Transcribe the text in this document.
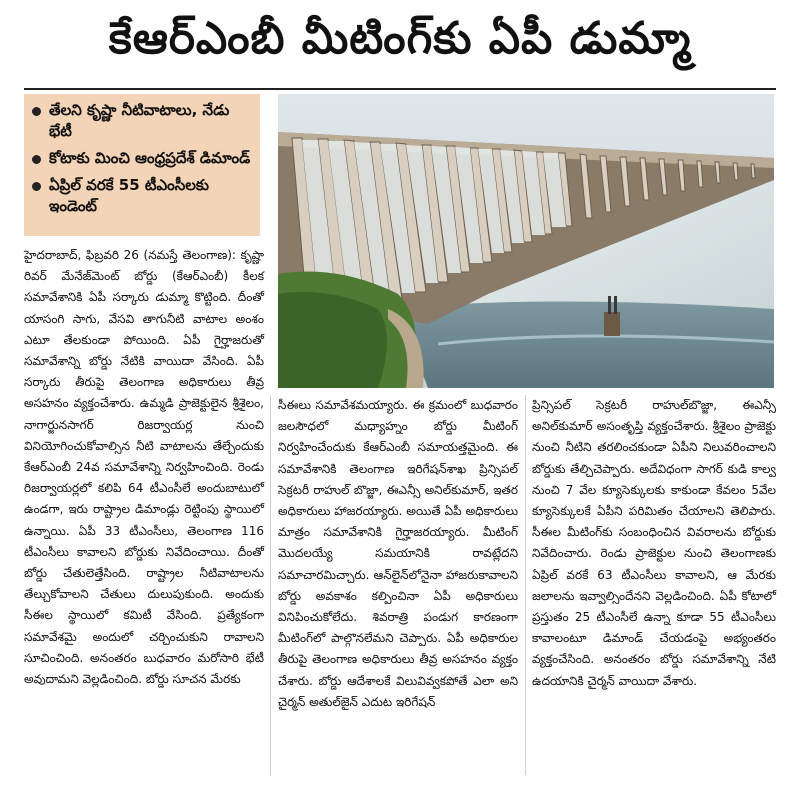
కేఆర్‌ఎంబీ మీటింగ్‌కు ఏపీ డుమ్మా
తేలని కృష్ణా నీటివాటాలు, నేడు భేటీ
కోటాకు మించి ఆంధ్రప్రదేశ్ డిమాండ్
ఏప్రిల్ వరకే 55 టీఎంసీలకు ఇండెంట్
హైదరాబాద్, ఫిబ్రవరి 26 (నమస్తే తెలంగాణ): కృష్ణా రివర్ మేనేజ్‌మెంట్ బోర్డు (కేఆర్‌ఎంబీ) కీలక సమావేశానికి ఏపీ సర్కారు డుమ్మా కొట్టింది. దీంతో యాసంగి సాగు, వేసవి తాగునీటి వాటాల అంశం ఎటూ తేలకుండా పోయింది. ఏపీ గైర్హాజరుతో సమావేశాన్ని బోర్డు నేటికి వాయిదా వేసింది. ఏపీ సర్కారు తీరుపై తెలంగాణ అధికారులు తీవ్ర అసహనం వ్యక్తంచేశారు. ఉమ్మడి ప్రాజెక్టులైన శ్రీశైలం, నాగార్జునసాగర్ రిజర్వాయర్ల నుంచి వినియోగించుకోవాల్సిన నీటి వాటాలను తేల్చేందుకు కేఆర్‌ఎంబీ 24వ సమావేశాన్ని నిర్వహించింది. రెండు రిజర్వాయర్లలో కలిపి 64 టీఎంసీలే అందుబాటులో ఉండగా, ఇరు రాష్ట్రాల డిమాండ్లు రెట్టింపు స్థాయిలో ఉన్నాయి. ఏపీ 33 టీఎంసీలు, తెలంగాణ 116 టీఎంసీలు కావాలని బోర్డుకు నివేదించాయి. దీంతో బోర్డు చేతులెత్తేసింది. రాష్ట్రాల నీటివాటాలను తేల్చుకోవాలని చేతులు దులుపుకుంది. అందుకు సీఈల స్థాయిలో కమిటీ వేసింది. ప్రత్యేకంగా సమావేశమై అందులో చర్చించుకుని రావాలని సూచించింది. అనంతరం బుధవారం మరోసారి భేటీ అవుదామని వెల్లడించింది. బోర్డు సూచన మేరకు
సీఈలు సమావేశమయ్యారు. ఈ క్రమంలో బుధవారం జలసౌధలో మధ్యాహ్నం బోర్డు మీటింగ్ నిర్వహించేందుకు కేఆర్‌ఎంబీ సమాయత్తమైంది. ఈ సమావేశానికి తెలంగాణ ఇరిగేషన్‌శాఖ ప్రిన్సిపల్ సెక్రటరీ రాహుల్ బొజ్జా, ఈఎన్సీ అనిల్‌కుమార్, ఇతర అధికారులు హాజరయ్యారు. అయితే ఏపీ అధికారులు మాత్రం సమావేశానికి గైర్హాజరయ్యారు. మీటింగ్ మొదలయ్యే సమయానికి రావట్లేదని సమాచారమిచ్చారు. ఆన్‌లైన్‌లోనైనా హాజరుకావాలని బోర్డు అవకాశం కల్పించినా ఏపీ అధికారులు వినిపించుకోలేదు. శివరాత్రి పండుగ కారణంగా మీటింగ్‌లో పాల్గొనలేమని చెప్పారు. ఏపీ అధికారుల తీరుపై తెలంగాణ అధికారులు తీవ్ర అసహనం వ్యక్తం చేశారు. బోర్డు ఆదేశాలకే విలువివ్వకపోతే ఎలా అని చైర్మన్ అతుల్‌జైన్ ఎదుట ఇరిగేషన్
ప్రిన్సిపల్ సెక్రటరీ రాహుల్‌బొజ్జా, ఈఎన్సీ అనిల్‌కుమార్ అసంతృప్తి వ్యక్తంచేశారు. శ్రీశైలం ప్రాజెక్టు నుంచి నీటిని తరలించకుండా ఏపీని నిలువరించాలని బోర్డుకు తేల్చిచెప్పారు. అదేవిధంగా సాగర్ కుడి కాల్వ నుంచి 7 వేల క్యూసెక్కులకు కాకుండా కేవలం 5వేల క్యూసెక్కులకే ఏపీని పరిమితం చేయాలని తెలిపారు. సీఈల మీటింగ్‌కు సంబంధించిన వివరాలను బోర్డుకు నివేదించారు. రెండు ప్రాజెక్టుల నుంచి తెలంగాణకు ఏప్రిల్ వరకే 63 టీఎంసీలు కావాలని, ఆ మేరకు జలాలను ఇవ్వాల్సిందేనని వెల్లడించింది. ఏపీ కోటాలో ప్రస్తుతం 25 టీఎంసీలే ఉన్నా కూడా 55 టీఎంసీలు కావాలంటూ డిమాండ్ చేయడంపై అభ్యంతరం వ్యక్తంచేసింది. అనంతరం బోర్డు సమావేశాన్ని నేటి ఉదయానికి చైర్మన్ వాయిదా వేశారు.
